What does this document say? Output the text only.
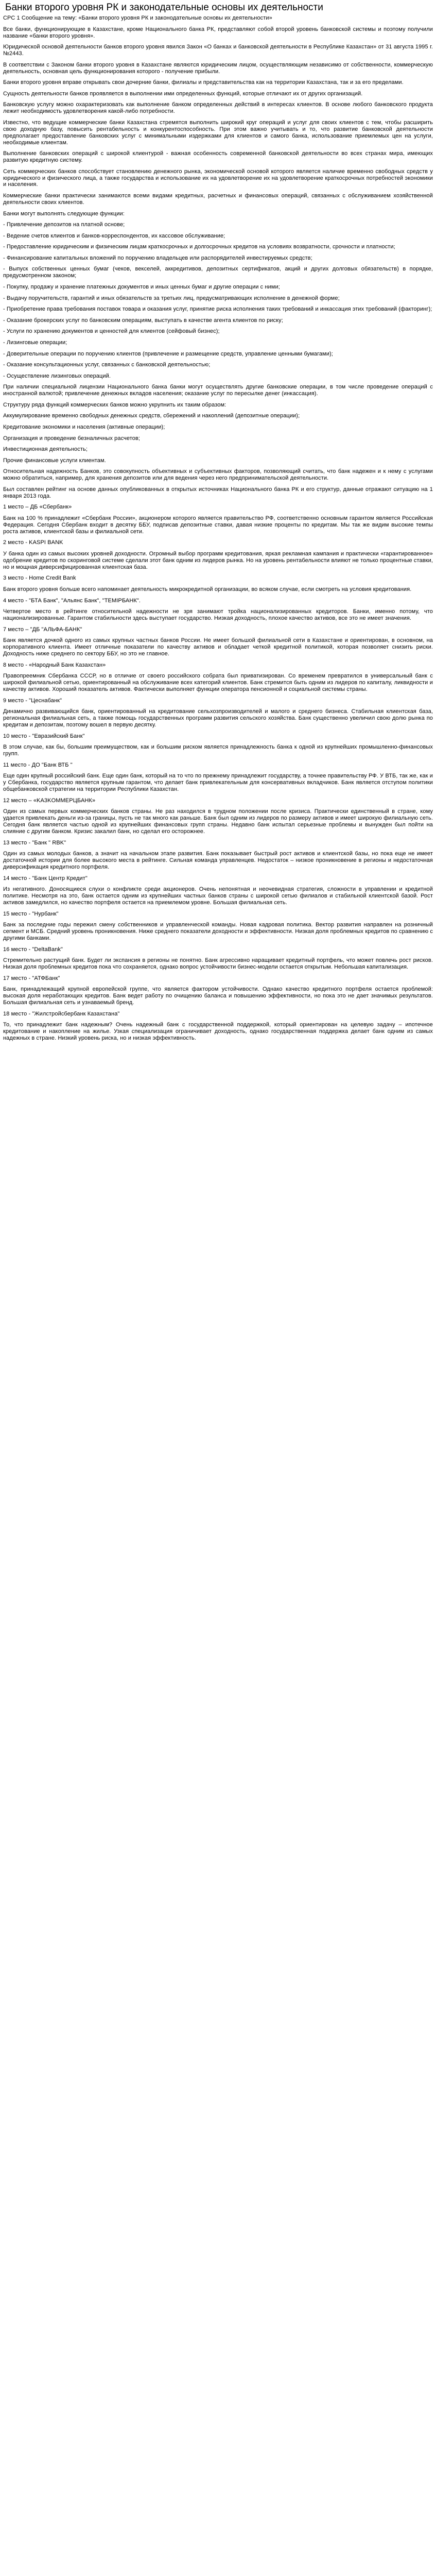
Банки второго уровня РК и законодательные основы их деятельности

СРС 1 Сообщение на тему: «Банки второго уровня РК и законодательные основы их деятельности»

Все банки, функционирующие в Казахстане, кроме Национального банка РК, представляют собой второй уровень банковской системы и поэтому получили название «банки второго уровня».

Юридической основой деятельности банков второго уровня явился Закон «О банках и банковской деятельности в Республике Казахстан» от 31 августа 1995 г. №2443.

В соответствии с Законом банки второго уровня в Казахстане являются юридическим лицом, осуществляющим независимо от собственности, коммерческую деятельность, основная цель функционирования которого - получение прибыли.

Банки второго уровня вправе открывать свои дочерние банки, филиалы и представительства как на территории Казахстана, так и за его пределами.

Сущность деятельности банков проявляется в выполнении ими определенных функций, которые отличают их от других организаций.

Банковскую услугу можно охарактеризовать как выполнение банком определенных действий в интересах клиентов. В основе любого банковского продукта лежит необходимость удовлетворения какой-либо потребности.

Известно, что ведущие коммерческие банки Казахстана стремятся выполнить широкий круг операций и услуг для своих клиентов с тем, чтобы расширить свою доходную базу, повысить рентабельность и конкурентоспособность. При этом важно учитывать и то, что развитие банковской деятельности предполагает предоставление банковских услуг с минимальными издержками для клиентов и самого банка, использование приемлемых цен на услуги, необходимые клиентам.

Выполнение банковских операций с широкой клиентурой - важная особенность современной банковской деятельности во всех странах мира, имеющих развитую кредитную систему.

Сеть коммерческих банков способствует становлению денежного рынка, экономической основой которого является наличие временно свободных средств у юридического и физического лица, а также государства и использование их на удовлетворение их на удовлетворение краткосрочных потребностей экономики и населения.

Коммерческие банки практически занимаются всеми видами кредитных, расчетных и финансовых операций, связанных с обслуживанием хозяйственной деятельности своих клиентов.

Банки могут выполнять следующие функции:

- Привлечение депозитов на платной основе;

- Ведение счетов клиентов и банков-корреспондентов, их кассовое обслуживание;

- Предоставление юридическим и физическим лицам краткосрочных и долгосрочных кредитов на условиях возвратности, срочности и платности;

- Финансирование капитальных вложений по поручению владельцев или распорядителей инвестируемых средств;

- Выпуск собственных ценных бумаг (чеков, векселей, аккредитивов, депозитных сертификатов, акций и других долговых обязательств) в порядке, предусмотренном законом;

- Покупку, продажу и хранение платежных документов и иных ценных бумаг и другие операции с ними;

- Выдачу поручительств, гарантий и иных обязательств за третьих лиц, предусматривающих исполнение в денежной форме;

- Приобретение права требования поставок товара и оказания услуг, принятие риска исполнения таких требований и инкассация этих требований (факторинг);

- Оказание брокерских услуг по банковским операциям, выступать в качестве агента клиентов по риску;

- Услуги по хранению документов и ценностей для клиентов (сейфовый бизнес);

- Лизинговые операции;

- Доверительные операции по поручению клиентов (привлечение и размещение средств, управление ценными бумагами);

- Оказание консультационных услуг, связанных с банковской деятельностью;

- Осуществление лизинговых операций.

При наличии специальной лицензии Национального банка банки могут осуществлять другие банковские операции, в том числе проведение операций с иностранной валютой; привлечение денежных вкладов населения; оказание услуг по пересылке денег (инкассация).

Структуру ряда функций коммерческих банков можно укрупнить их таким образом:

Аккумулирование временно свободных денежных средств, сбережений и накоплений (депозитные операции);

Кредитование экономики и населения (активные операции);

Организация и проведение безналичных расчетов;

Инвестиционная деятельность;

Прочие финансовые услуги клиентам.

Относительная надежность Банков, это совокупность объективных и субъективных факторов, позволяющий считать, что банк надежен и к нему с услугами можно обратиться, например, для хранения депозитов или для ведения через него предпринимательской деятельности.

Был составлен рейтинг на основе данных опубликованных в открытых источниках Национального банка РК и его структур, данные отражают ситуацию на 1 января 2013 года.

1 место – ДБ «Сбербанк»

Банк на 100 % принадлежит «Сбербанк России», акционером которого является правительство РФ, соответственно основным гарантом является Российская Федерация. Сегодня Сбербанк входит в десятку ББУ, подписав депозитные ставки, давая низкие проценты по кредитам. Мы так же видим высокие темпы роста активов, клиентской базы и филиальной сети.

2 место - KASPI BANK

У банка один из самых высоких уровней доходности. Огромный выбор программ кредитования, яркая рекламная кампания и практически «гарантированное» одобрение кредитов по скоринговой системе сделали этот банк одним из лидеров рынка. Но на уровень рентабельности влияют не только процентные ставки, но и мощная диверсифицированная клиентская база.

3 место - Home Credit Bank

Банк второго уровня больше всего напоминает деятельность микрокредитной организации, во всяком случае, если смотреть на условия кредитования.

4 место - "БТА Банк", "Альянс Банк", "ТЕМІРБАНК".

Четвертое место в рейтинге относительной надежности не зря занимают тройка национализированных кредиторов. Банки, именно потому, что национализированные. Гарантом стабильности здесь выступает государство. Низкая доходность, плохое качество активов, все это не имеет значения.

7 место – "ДБ "АЛЬФА-БАНК"

Банк является дочкой одного из самых крупных частных банков России. Не имеет большой филиальной сети в Казахстане и ориентирован, в основном, на корпоративного клиента. Имеет отличные показатели по качеству активов и обладает четкой кредитной политикой, которая позволяет снизить риски. Доходность ниже среднего по сектору ББУ, но это не главное.

8 место - «Народный Банк Казахстан»

Правопреемник Сбербанка СССР, но в отличие от своего российского собрата был приватизирован. Со временем превратился в универсальный банк с широкой филиальной сетью, ориентированный на обслуживание всех категорий клиентов. Банк стремится быть одним из лидеров по капиталу, ликвидности и качеству активов. Хороший показатель активов. Фактически выполняет функции оператора пенсионной и социальной системы страны.

9 место - "Цеснабанк"

Динамично развивающийся банк, ориентированный на кредитование сельхозпроизводителей и малого и среднего бизнеса. Стабильная клиентская база, региональная филиальная сеть, а также помощь государственных программ развития сельского хозяйства. Банк существенно увеличил свою долю рынка по кредитам и депозитам, поэтому вошел в первую десятку.

10 место - "Евразийский Банк"

В этом случае, как бы, большим преимуществом, как и большим риском является принадлежность банка к одной из крупнейших промышленно-финансовых групп.

11 место - ДО "Банк ВТБ "

Еще один крупный российский банк. Еще один банк, который на то что по прежнему принадлежит государству, а точнее правительству РФ. У ВТБ, так же, как и у Сбербанка, государство является крупным гарантом, что делает банк привлекательным для консервативных вкладчиков. Банк является отступом политики общебанковской стратегии на территории Республики Казахстан.

12 место – «KA3KOMMEРЦБАНК»

Один из самых первых коммерческих банков страны. Не раз находился в трудном положении после кризиса. Практически единственный в стране, кому удается привлекать деньги из-за границы, пусть не так много как раньше. Банк был одним из лидеров по размеру активов и имеет широкую филиальную сеть. Сегодня банк является частью одной из крупнейших финансовых групп страны. Недавно банк испытал серьезные проблемы и вынужден был пойти на слияние с другим банком. Кризис закалил банк, но сделал его осторожнее.

13 место - "Банк " RBK"

Один из самых молодых банков, а значит на начальном этапе развития. Банк показывает быстрый рост активов и клиентской базы, но пока еще не имеет достаточной истории для более высокого места в рейтинге. Сильная команда управленцев. Недостаток – низкое проникновение в регионы и недостаточная диверсификация кредитного портфеля.

14 место - "Банк Центр Кредит"

Из негативного. Доносящиеся слухи о конфликте среди акционеров. Очень непонятная и неочевидная стратегия, сложности в управлении и кредитной политике. Несмотря на это, банк остается одним из крупнейших частных банков страны с широкой сетью филиалов и стабильной клиентской базой. Рост активов замедлился, но качество портфеля остается на приемлемом уровне. Большая филиальная сеть.

15 место - "Нурбанк"

Банк за последние годы пережил смену собственников и управленческой команды. Новая кадровая политика. Вектор развития направлен на розничный сегмент и МСБ. Средний уровень проникновения. Ниже среднего показатели доходности и эффективности. Низкая доля проблемных кредитов по сравнению с другими банками.

16 место - "DeltaBank"

Стремительно растущий банк. Будет ли экспансия в регионы не понятно. Банк агрессивно наращивает кредитный портфель, что может повлечь рост рисков. Низкая доля проблемных кредитов пока что сохраняется, однако вопрос устойчивости бизнес-модели остается открытым. Небольшая капитализация.

17 место - "АТФБанк"

Банк, принадлежащий крупной европейской группе, что является фактором устойчивости. Однако качество кредитного портфеля остается проблемой: высокая доля неработающих кредитов. Банк ведет работу по очищению баланса и повышению эффективности, но пока это не дает значимых результатов. Большая филиальная сеть и узнаваемый бренд.

18 место - "Жилстройсбербанк Казахстана"

То, что принадлежит банк надежным? Очень надежный банк с государственной поддержкой, который ориентирован на целевую задачу – ипотечное кредитование и накопление на жилье. Узкая специализация ограничивает доходность, однако государственная поддержка делает банк одним из самых надежных в стране. Низкий уровень риска, но и низкая эффективность.
